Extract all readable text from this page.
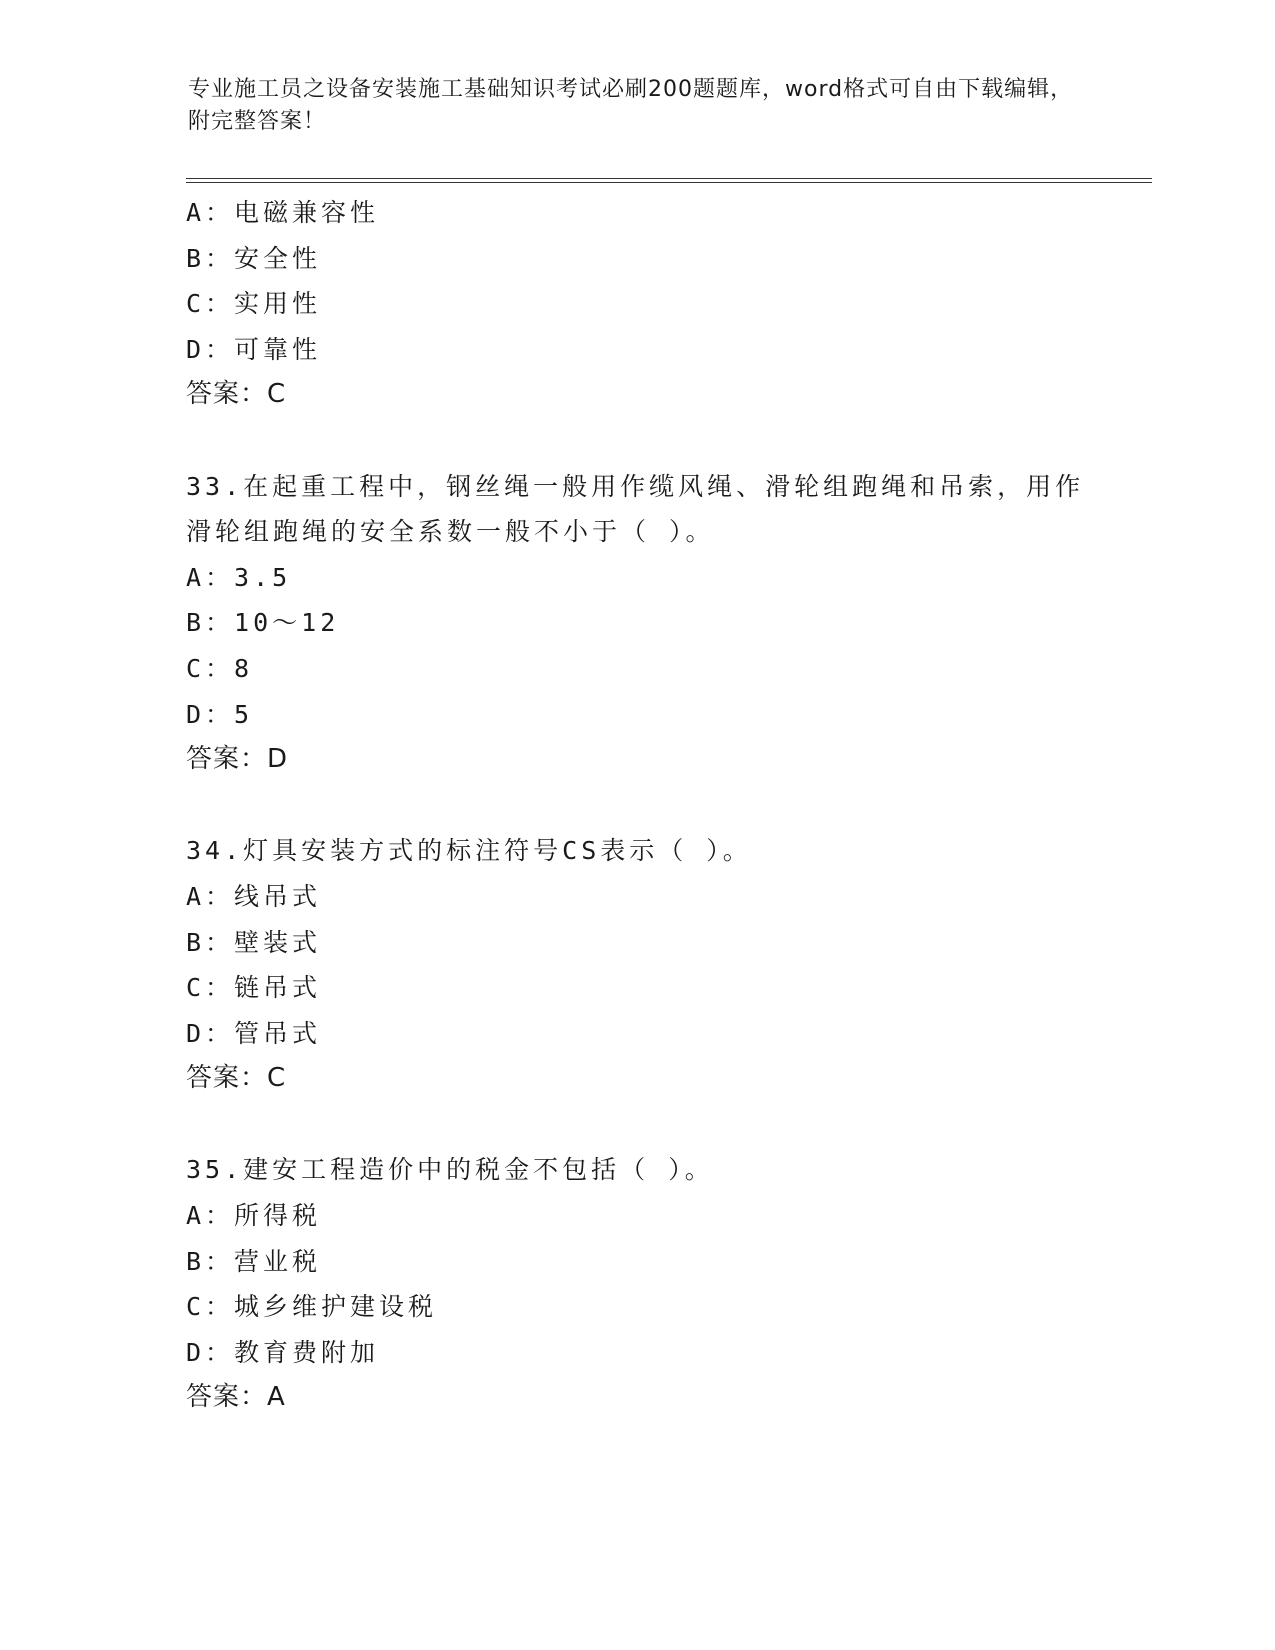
专业施工员之设备安装施工基础知识考试必刷200题题库，word格式可自由下载编辑，附完整答案！
A：电磁兼容性
B：安全性
C：实用性
D：可靠性
答案：C
33.在起重工程中，钢丝绳一般用作缆风绳、滑轮组跑绳和吊索，用作
滑轮组跑绳的安全系数一般不小于（ ）。
A：3.5
B：10～12
C：8
D：5
答案：D
34.灯具安装方式的标注符号CS表示（ ）。
A：线吊式
B：壁装式
C：链吊式
D：管吊式
答案：C
35.建安工程造价中的税金不包括（ ）。
A：所得税
B：营业税
C：城乡维护建设税
D：教育费附加
答案：A
